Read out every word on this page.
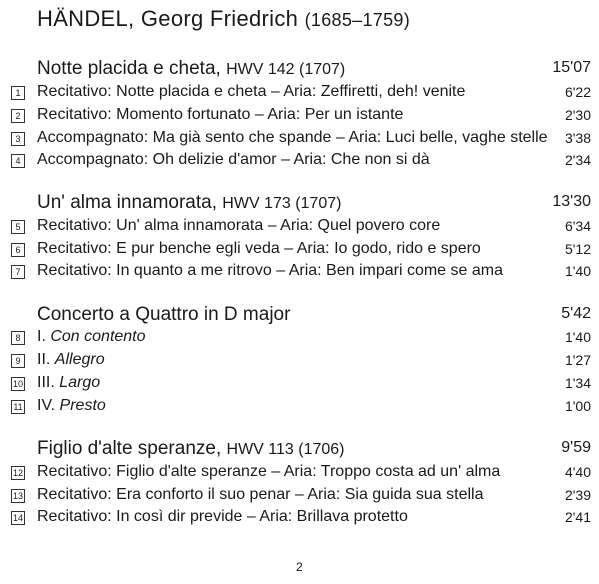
HÄNDEL, Georg Friedrich (1685–1759)
Notte placida e cheta, HWV 142 (1707)	15'07
1 Recitativo: Notte placida e cheta – Aria: Zeffiretti, deh! venite	6'22
2 Recitativo: Momento fortunato – Aria: Per un istante	2'30
3 Accompagnato: Ma già sento che spande – Aria: Luci belle, vaghe stelle 3'38
4 Accompagnato: Oh delizie d'amor – Aria: Che non si dà	2'34
Un' alma innamorata, HWV 173 (1707)	13'30
5 Recitativo: Un' alma innamorata – Aria: Quel povero core	6'34
6 Recitativo: E pur benche egli veda – Aria: Io godo, rido e spero	5'12
7 Recitativo: In quanto a me ritrovo – Aria: Ben impari come se ama	1'40
Concerto a Quattro in D major	5'42
8 I. Con contento	1'40
9 II. Allegro	1'27
10 III. Largo	1'34
11 IV. Presto	1'00
Figlio d'alte speranze, HWV 113 (1706)	9'59
12 Recitativo: Figlio d'alte speranze – Aria: Troppo costa ad un' alma	4'40
13 Recitativo: Era conforto il suo penar – Aria: Sia guida sua stella	2'39
14 Recitativo: In così dir previde – Aria: Brillava protetto	2'41
2
